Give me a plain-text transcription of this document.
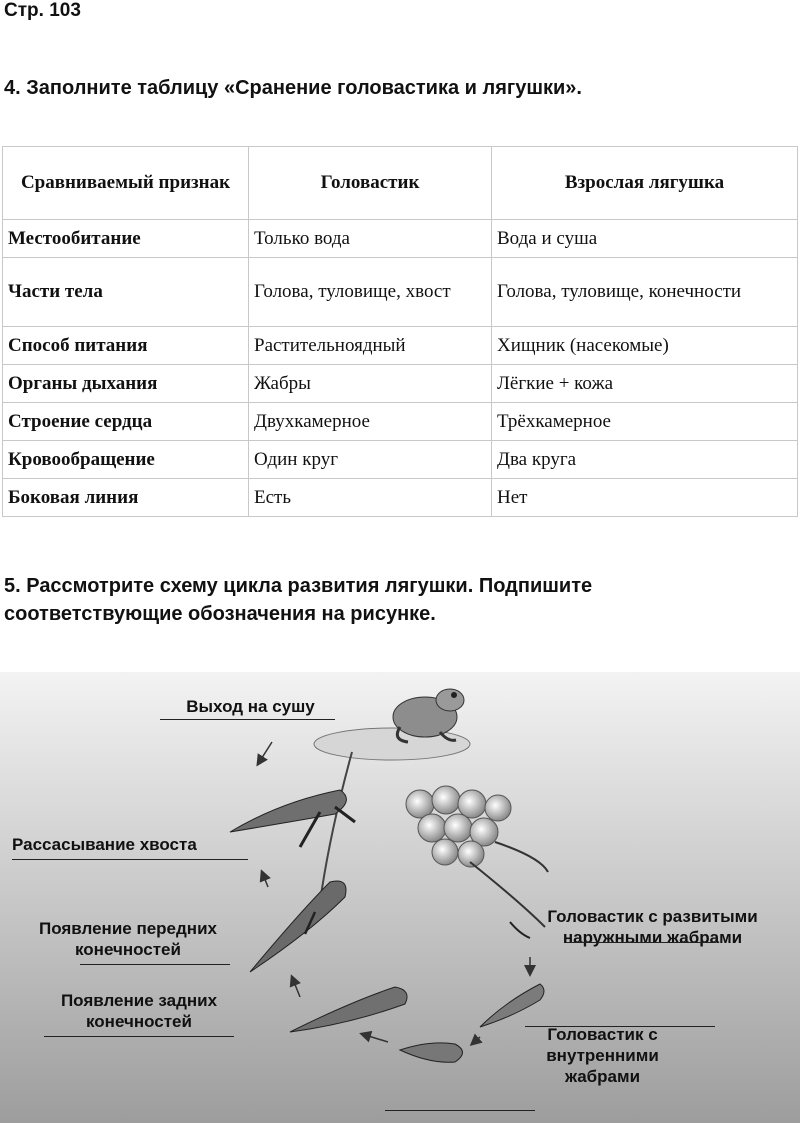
Стр. 103
4. Заполните таблицу «Сранение головастика и лягушки».
Сравниваемый признак	Головастик	Взрослая лягушка
Местообитание	Только вода	Вода и суша
Части тела	Голова, туловище, хвост	Голова, туловище, конечности
Способ питания	Растительноядный	Хищник (насекомые)
Органы дыхания	Жабры	Лёгкие + кожа
Строение сердца	Двухкамерное	Трёхкамерное
Кровообращение	Один круг	Два круга
Боковая линия	Есть	Нет
5. Рассмотрите схему цикла развития лягушки. Подпишите соответствующие обозначения на рисунке.
Выход на сушу
Рассасывание хвоста
Появление передних конечностей
Появление задних конечностей
Головастик с развитыми наружными жабрами
Головастик с внутренними жабрами
